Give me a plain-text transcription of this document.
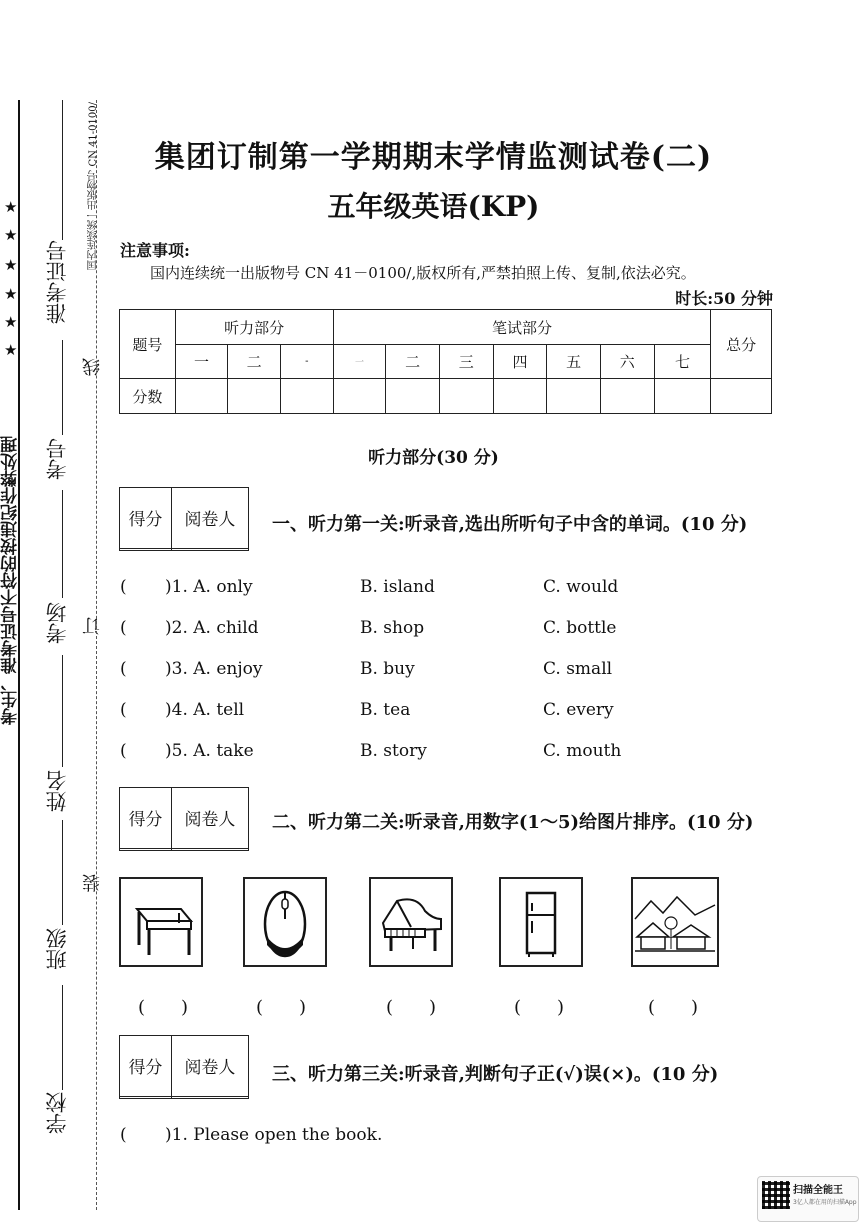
★
★
★
★
★
★
考生、准考证号不符的按违纪作弊处理
准考证号
考号
考场
姓名
班级
学校
线
订
装
国内连续统一出版物号 CN 41-0100/	集团订制第一学期期末学情监测试卷(二)
五年级英语(KP)
注意事项:
国内连续统一出版物号 CN 41－0100/,版权所有,严禁拍照上传、复制,依法必究。
时长:50 分钟
题号	听力部分			笔试部分							总分
	一	二	-	一	二	三	四	五	六	七	
分数											
听力部分(30 分)
得分	阅卷人
	一、听力第一关:听录音,选出所听句子中含的单词。(10 分)
( )1. A. only	B. island	C. would
( )2. A. child	B. shop	C. bottle
( )3. A. enjoy	B. buy	C. small
( )4. A. tell	B. tea	C. every
( )5. A. take	B. story	C. mouth
得分	阅卷人
	二、听力第二关:听录音,用数字(1～5)给图片排序。(10 分)
(　　)	(　　)	(　　)	(　　)	(　　)
得分	阅卷人
	三、听力第三关:听录音,判断句子正(√)误(×)。(10 分)
( )1. Please open the book.
扫描全能王
3亿人都在用的扫描App
